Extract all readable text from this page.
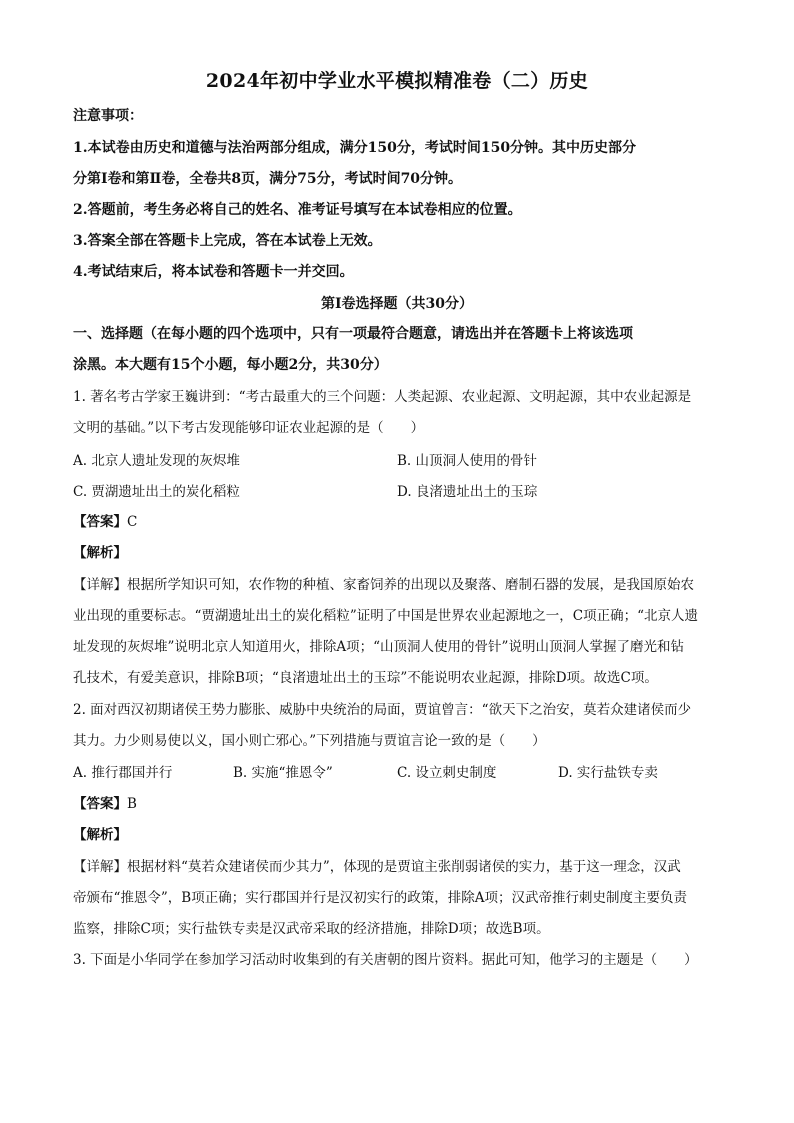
2024年初中学业水平模拟精准卷（二）历史
注意事项：
1.本试卷由历史和道德与法治两部分组成，满分150分，考试时间150分钟。其中历史部分
分第Ⅰ卷和第Ⅱ卷，全卷共8页，满分75分，考试时间70分钟。
2.答题前，考生务必将自己的姓名、准考证号填写在本试卷相应的位置。
3.答案全部在答题卡上完成，答在本试卷上无效。
4.考试结束后，将本试卷和答题卡一并交回。
第Ⅰ卷选择题（共30分）
一、选择题（在每小题的四个选项中，只有一项最符合题意，请选出并在答题卡上将该选项
涂黑。本大题有15个小题，每小题2分，共30分）
1. 著名考古学家王巍讲到：“考古最重大的三个问题：人类起源、农业起源、文明起源，其中农业起源是
文明的基础。”以下考古发现能够印证农业起源的是（　　）
A. 北京人遗址发现的灰烬堆	B. 山顶洞人使用的骨针
C. 贾湖遗址出土的炭化稻粒	D. 良渚遗址出土的玉琮
【答案】C
【解析】
【详解】根据所学知识可知，农作物的种植、家畜饲养的出现以及聚落、磨制石器的发展，是我国原始农
业出现的重要标志。“贾湖遗址出土的炭化稻粒”证明了中国是世界农业起源地之一，C项正确；“北京人遗
址发现的灰烬堆”说明北京人知道用火，排除A项；“山顶洞人使用的骨针”说明山顶洞人掌握了磨光和钻
孔技术，有爱美意识，排除B项；“良渚遗址出土的玉琮”不能说明农业起源，排除D项。故选C项。
2. 面对西汉初期诸侯王势力膨胀、威胁中央统治的局面，贾谊曾言：“欲天下之治安，莫若众建诸侯而少
其力。力少则易使以义，国小则亡邪心。”下列措施与贾谊言论一致的是（　　）
A. 推行郡国并行	B. 实施“推恩令”	C. 设立刺史制度	D. 实行盐铁专卖
【答案】B
【解析】
【详解】根据材料“莫若众建诸侯而少其力”，体现的是贾谊主张削弱诸侯的实力，基于这一理念，汉武
帝颁布“推恩令”，B项正确；实行郡国并行是汉初实行的政策，排除A项；汉武帝推行刺史制度主要负责
监察，排除C项；实行盐铁专卖是汉武帝采取的经济措施，排除D项；故选B项。
3. 下面是小华同学在参加学习活动时收集到的有关唐朝的图片资料。据此可知，他学习的主题是（　　）
